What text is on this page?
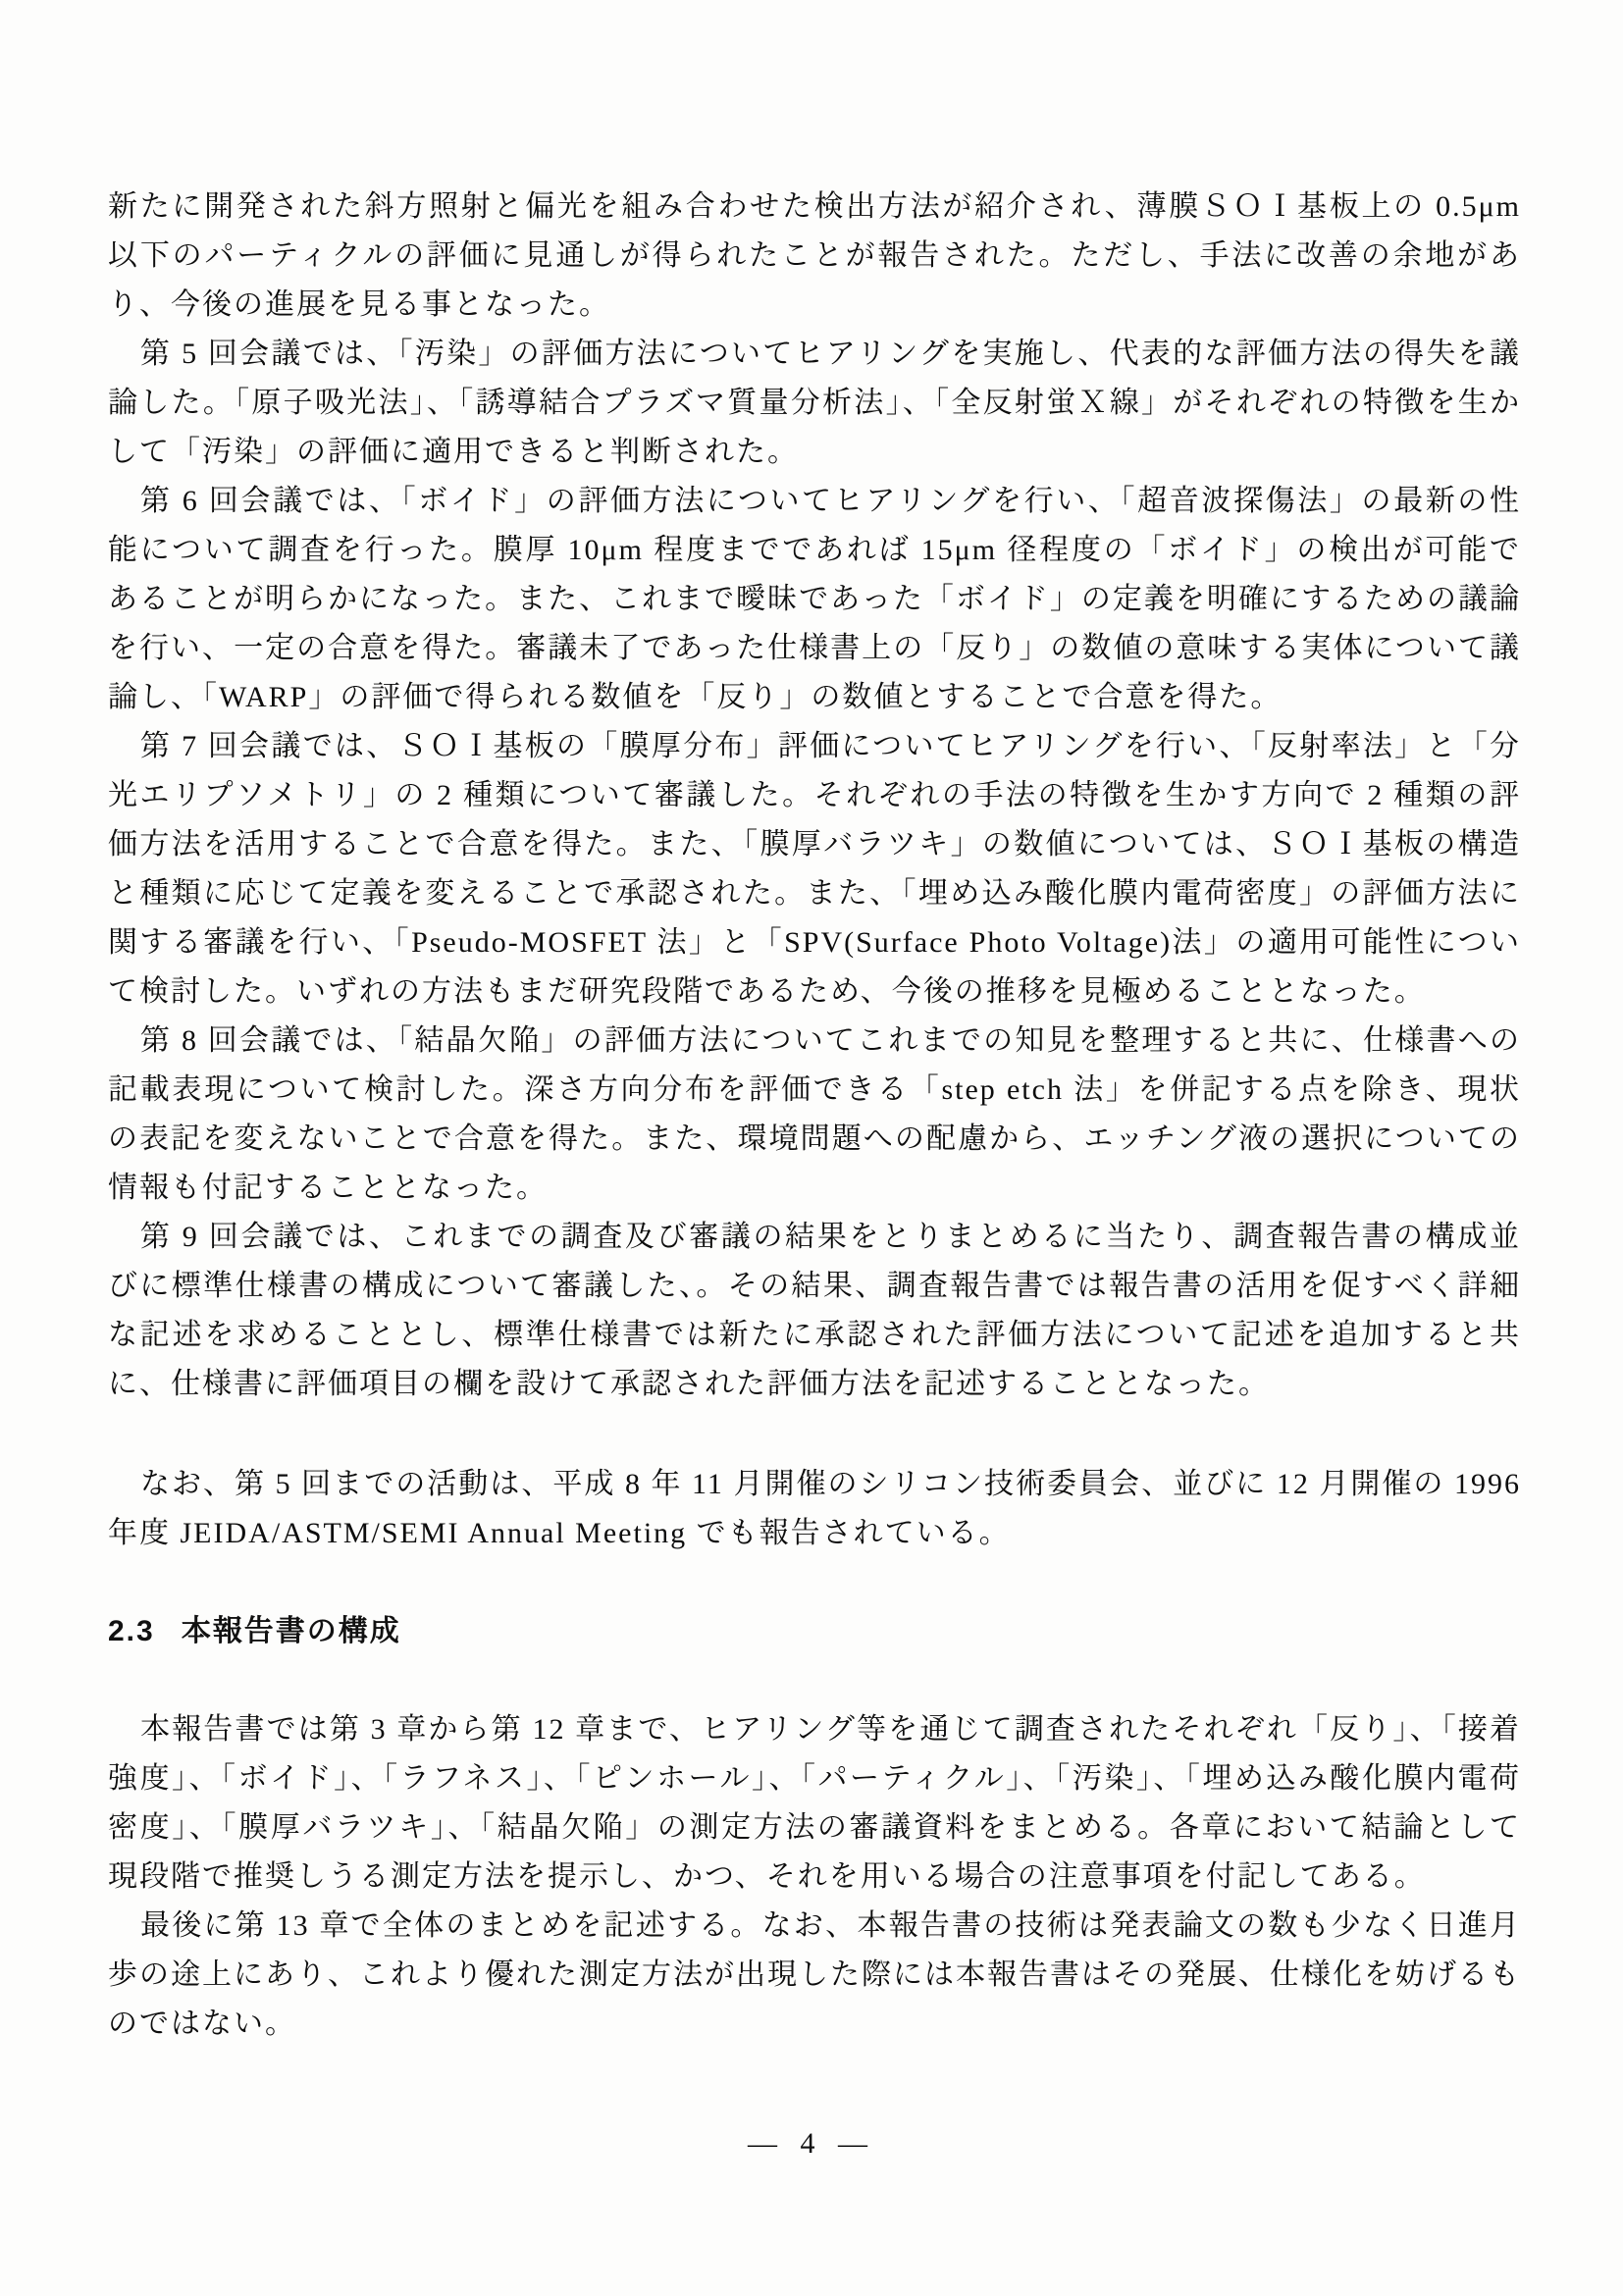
新たに開発された斜方照射と偏光を組み合わせた検出方法が紹介され、薄膜ＳＯＩ基板上の 0.5μm 以下のパーティクルの評価に見通しが得られたことが報告された。ただし、手法に改善の余地があり、今後の進展を見る事となった。

第 5 回会議では、「汚染」の評価方法についてヒアリングを実施し、代表的な評価方法の得失を議論した。「原子吸光法」、「誘導結合プラズマ質量分析法」、「全反射蛍Ｘ線」がそれぞれの特徴を生かして「汚染」の評価に適用できると判断された。

第 6 回会議では、「ボイド」の評価方法についてヒアリングを行い、「超音波探傷法」の最新の性能について調査を行った。膜厚 10μm 程度までであれば 15μm 径程度の「ボイド」の検出が可能であることが明らかになった。また、これまで曖昧であった「ボイド」の定義を明確にするための議論を行い、一定の合意を得た。審議未了であった仕様書上の「反り」の数値の意味する実体について議論し、「WARP」の評価で得られる数値を「反り」の数値とすることで合意を得た。

第 7 回会議では、ＳＯＩ基板の「膜厚分布」評価についてヒアリングを行い、「反射率法」と「分光エリプソメトリ」の 2 種類について審議した。それぞれの手法の特徴を生かす方向で 2 種類の評価方法を活用することで合意を得た。また、「膜厚バラツキ」の数値については、ＳＯＩ基板の構造と種類に応じて定義を変えることで承認された。また、「埋め込み酸化膜内電荷密度」の評価方法に関する審議を行い、「Pseudo-MOSFET 法」と「SPV(Surface Photo Voltage)法」の適用可能性について検討した。いずれの方法もまだ研究段階であるため、今後の推移を見極めることとなった。

第 8 回会議では、「結晶欠陥」の評価方法についてこれまでの知見を整理すると共に、仕様書への記載表現について検討した。深さ方向分布を評価できる「step etch 法」を併記する点を除き、現状の表記を変えないことで合意を得た。また、環境問題への配慮から、エッチング液の選択についての情報も付記することとなった。

第 9 回会議では、これまでの調査及び審議の結果をとりまとめるに当たり、調査報告書の構成並びに標準仕様書の構成について審議した、。その結果、調査報告書では報告書の活用を促すべく詳細な記述を求めることとし、標準仕様書では新たに承認された評価方法について記述を追加すると共に、仕様書に評価項目の欄を設けて承認された評価方法を記述することとなった。

なお、第 5 回までの活動は、平成 8 年 11 月開催のシリコン技術委員会、並びに 12 月開催の 1996 年度 JEIDA/ASTM/SEMI Annual Meeting でも報告されている。

2.3 本報告書の構成

本報告書では第 3 章から第 12 章まで、ヒアリング等を通じて調査されたそれぞれ「反り」、「接着強度」、「ボイド」、「ラフネス」、「ピンホール」、「パーティクル」、「汚染」、「埋め込み酸化膜内電荷密度」、「膜厚バラツキ」、「結晶欠陥」の測定方法の審議資料をまとめる。各章において結論として現段階で推奨しうる測定方法を提示し、かつ、それを用いる場合の注意事項を付記してある。

最後に第 13 章で全体のまとめを記述する。なお、本報告書の技術は発表論文の数も少なく日進月歩の途上にあり、これより優れた測定方法が出現した際には本報告書はその発展、仕様化を妨げるものではない。

— 4 —
